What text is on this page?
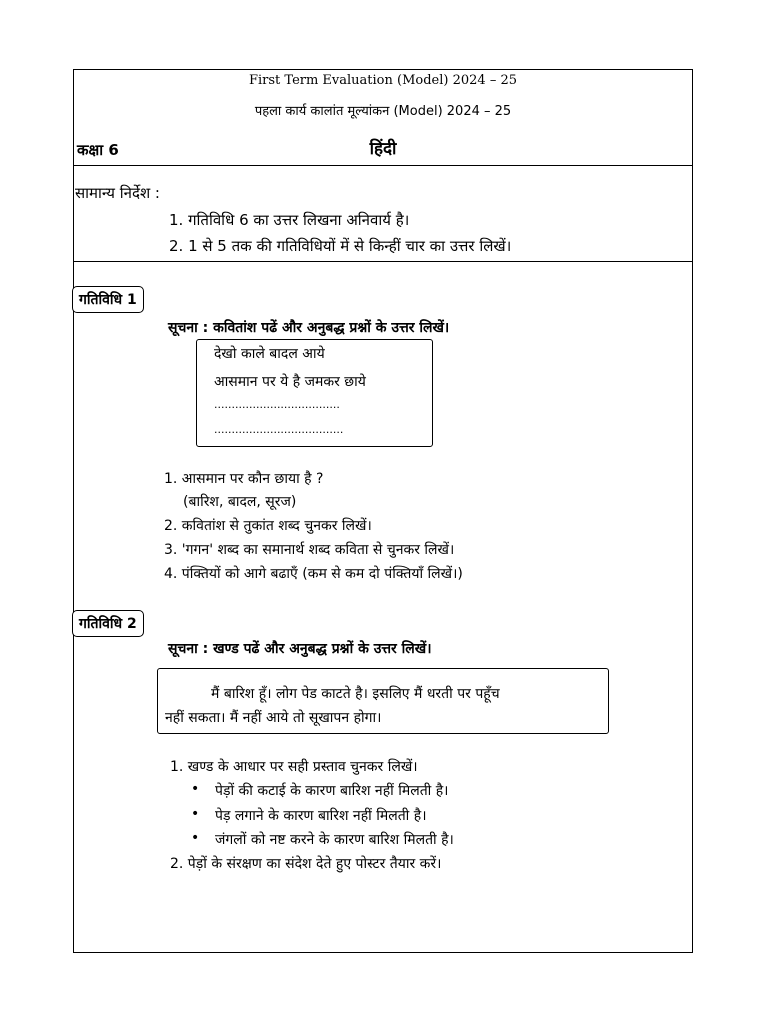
First Term Evaluation (Model) 2024 – 25
पहला कार्य कालांत मूल्यांकन (Model) 2024 – 25
कक्षा 6	हिंदी
सामान्य निर्देश :
1. गतिविधि 6 का उत्तर लिखना अनिवार्य है।
2. 1 से 5 तक की गतिविधियों में से किन्हीं चार का उत्तर लिखें।
गतिविधि 1
सूचना : कवितांश पढें और अनुबद्ध प्रश्नों के उत्तर लिखें।
देखो काले बादल आये
आसमान पर ये है जमकर छाये
....................................
.....................................
1. आसमान पर कौन छाया है ?
(बारिश, बादल, सूरज)
2. कवितांश से तुकांत शब्द चुनकर लिखें।
3. 'गगन' शब्द का समानार्थ शब्द कविता से चुनकर लिखें।
4. पंक्तियों को आगे बढाएँ (कम से कम दो पंक्तियाँ लिखें।)
गतिविधि 2
सूचना : खण्ड पढें और अनुबद्ध प्रश्नों के उत्तर लिखें।
मैं बारिश हूँ। लोग पेड काटते है। इसलिए मैं धरती पर पहूँच
नहीं सकता। मैं नहीं आये तो सूखापन होगा।
1. खण्ड के आधार पर सही प्रस्ताव चुनकर लिखें।
• पेड़ों की कटाई के कारण बारिश नहीं मिलती है।
• पेड़ लगाने के कारण बारिश नहीं मिलती है।
• जंगलों को नष्ट करने के कारण बारिश मिलती है।
2. पेड़ों के संरक्षण का संदेश देते हुए पोस्टर तैयार करें।
